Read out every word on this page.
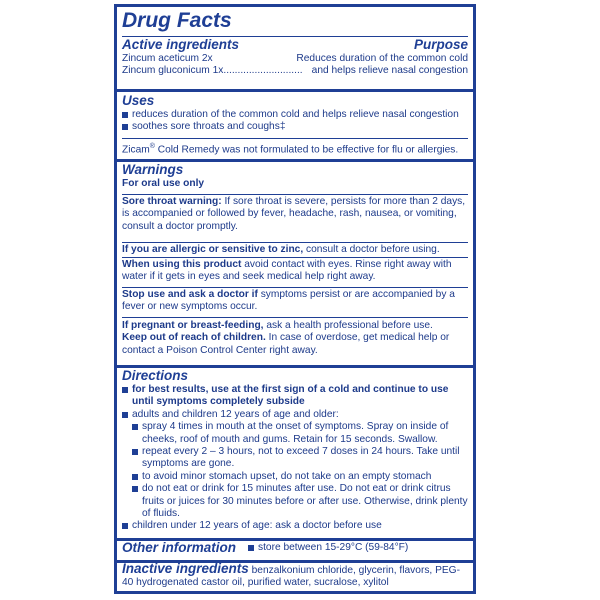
Drug Facts
Active ingredients	Purpose
Zincum aceticum 2x	Reduces duration of the common cold
Zincum gluconicum 1x ............................ and helps relieve nasal congestion
Uses
reduces duration of the common cold and helps relieve nasal congestion
soothes sore throats and coughs‡
Zicam® Cold Remedy was not formulated to be effective for flu or allergies.
Warnings
For oral use only
Sore throat warning: If sore throat is severe, persists for more than 2 days, is accompanied or followed by fever, headache, rash, nausea, or vomiting, consult a doctor promptly.
If you are allergic or sensitive to zinc, consult a doctor before using.
When using this product avoid contact with eyes. Rinse right away with water if it gets in eyes and seek medical help right away.
Stop use and ask a doctor if symptoms persist or are accompanied by a fever or new symptoms occur.
If pregnant or breast-feeding, ask a health professional before use.
Keep out of reach of children. In case of overdose, get medical help or contact a Poison Control Center right away.
Directions
for best results, use at the first sign of a cold and continue to use until symptoms completely subside
adults and children 12 years of age and older:
spray 4 times in mouth at the onset of symptoms. Spray on inside of cheeks, roof of mouth and gums. Retain for 15 seconds. Swallow.
repeat every 2 – 3 hours, not to exceed 7 doses in 24 hours. Take until symptoms are gone.
to avoid minor stomach upset, do not take on an empty stomach
do not eat or drink for 15 minutes after use. Do not eat or drink citrus fruits or juices for 30 minutes before or after use. Otherwise, drink plenty of fluids.
children under 12 years of age: ask a doctor before use
Other information store between 15-29°C (59-84°F)
Inactive ingredients benzalkonium chloride, glycerin, flavors, PEG-40 hydrogenated castor oil, purified water, sucralose, xylitol
